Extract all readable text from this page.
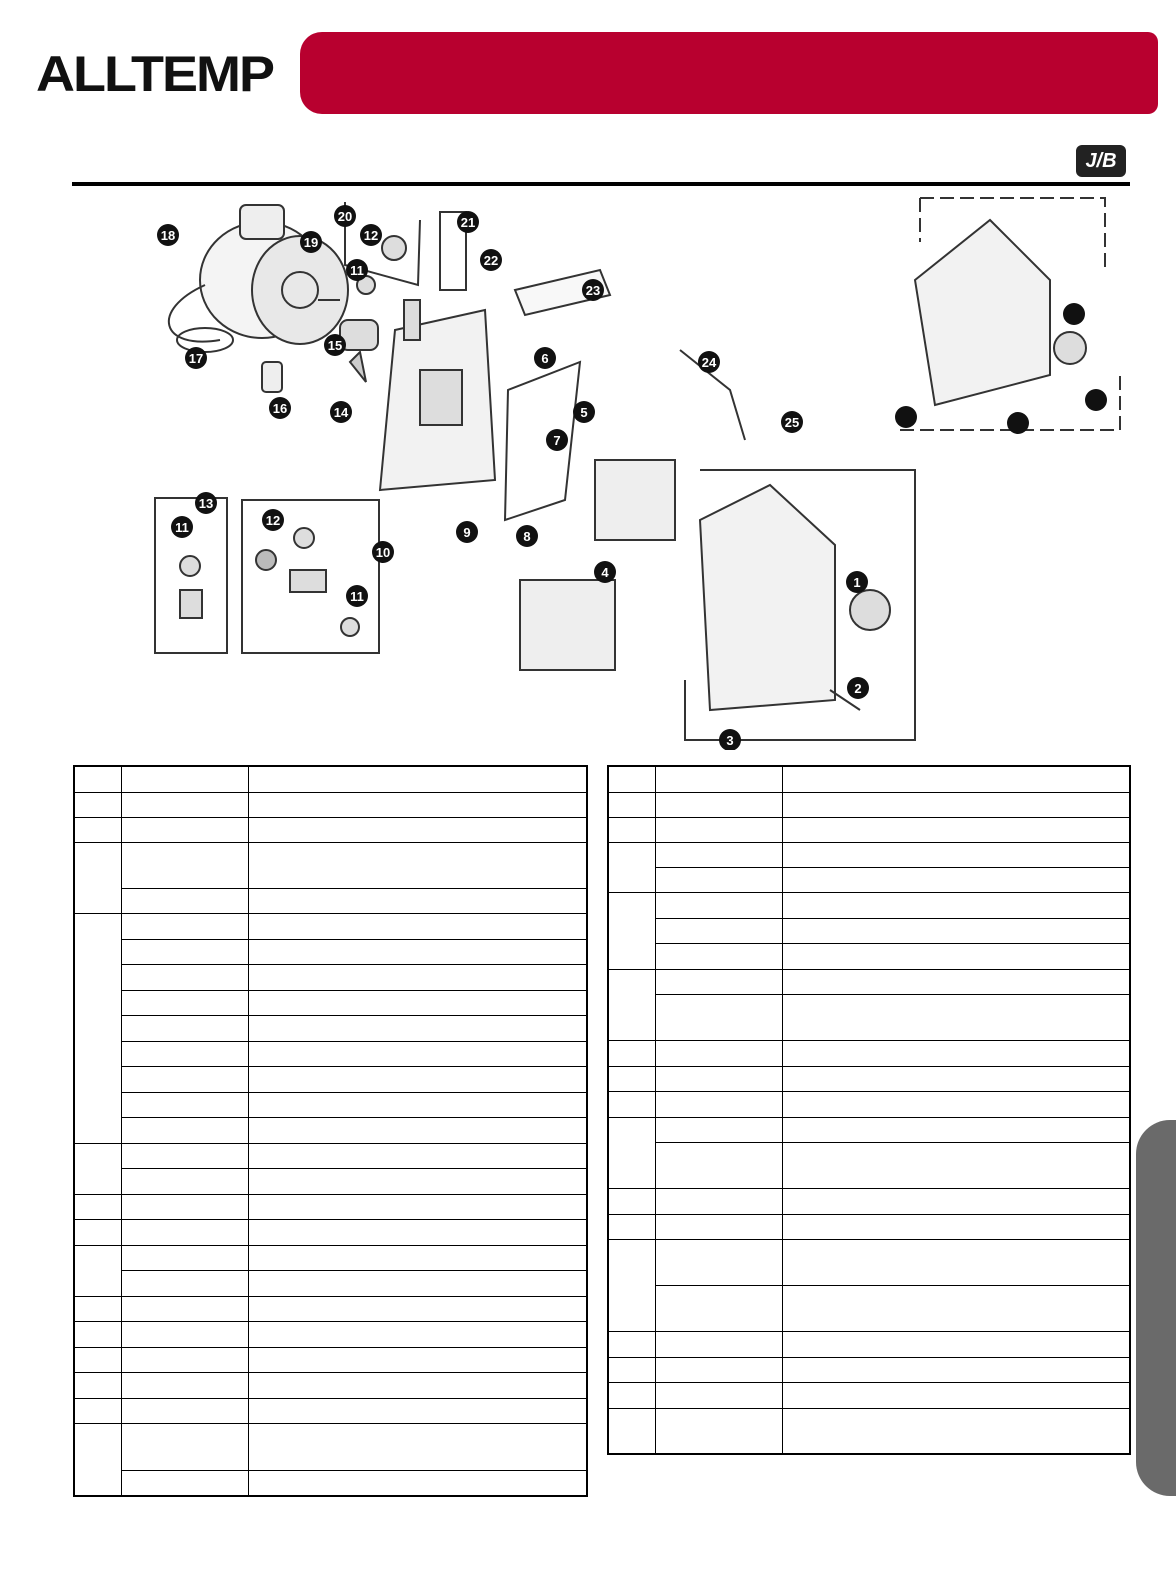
ALLTEMP
J/B
1
2
3
4
5
6
7
8
9
10
11
11
11
12
12
13
14
15
16
17
18	19
20	21
22
23
24
25
